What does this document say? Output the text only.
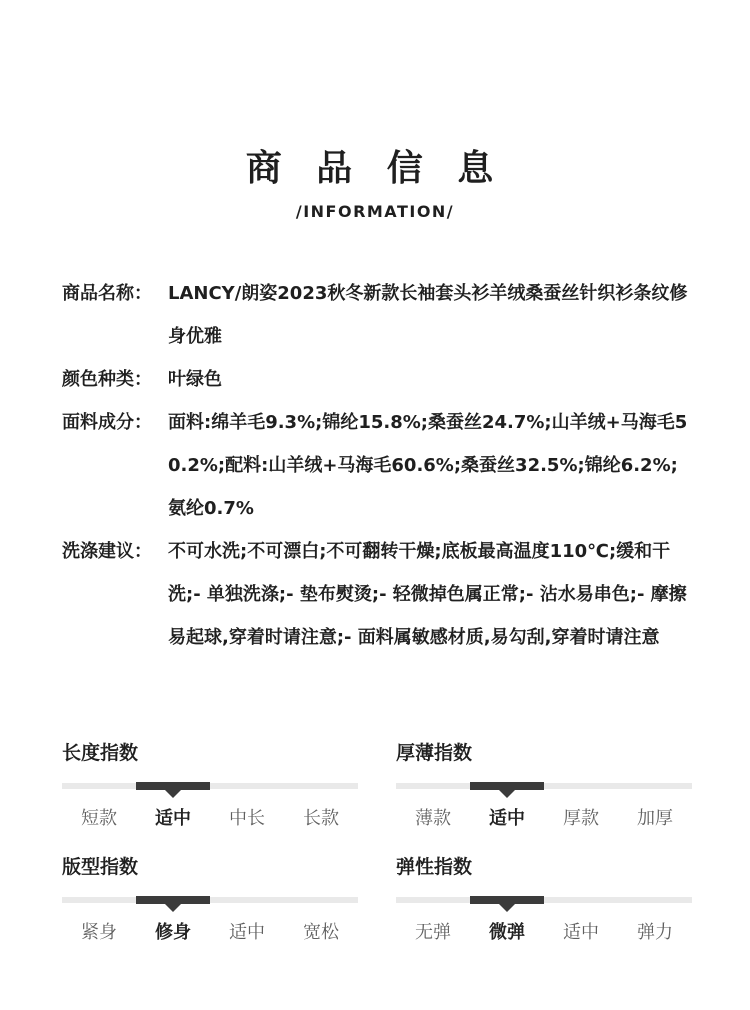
商 品 信 息
/INFORMATION/
商品名称： LANCY/朗姿2023秋冬新款长袖套头衫羊绒桑蚕丝针织衫条纹修身优雅
颜色种类： 叶绿色
面料成分： 面料:绵羊毛9.3%;锦纶15.8%;桑蚕丝24.7%;山羊绒+马海毛50.2%;配料:山羊绒+马海毛60.6%;桑蚕丝32.5%;锦纶6.2%;氨纶0.7%
洗涤建议： 不可水洗;不可漂白;不可翻转干燥;底板最高温度110℃;缓和干洗;- 单独洗涤;- 垫布熨烫;- 轻微掉色属正常;- 沾水易串色;- 摩擦易起球,穿着时请注意;- 面料属敏感材质,易勾刮,穿着时请注意
长度指数
短款	适中	中长	长款
厚薄指数
薄款	适中	厚款	加厚
版型指数
紧身	修身	适中	宽松
弹性指数
无弹	微弹	适中	弹力
